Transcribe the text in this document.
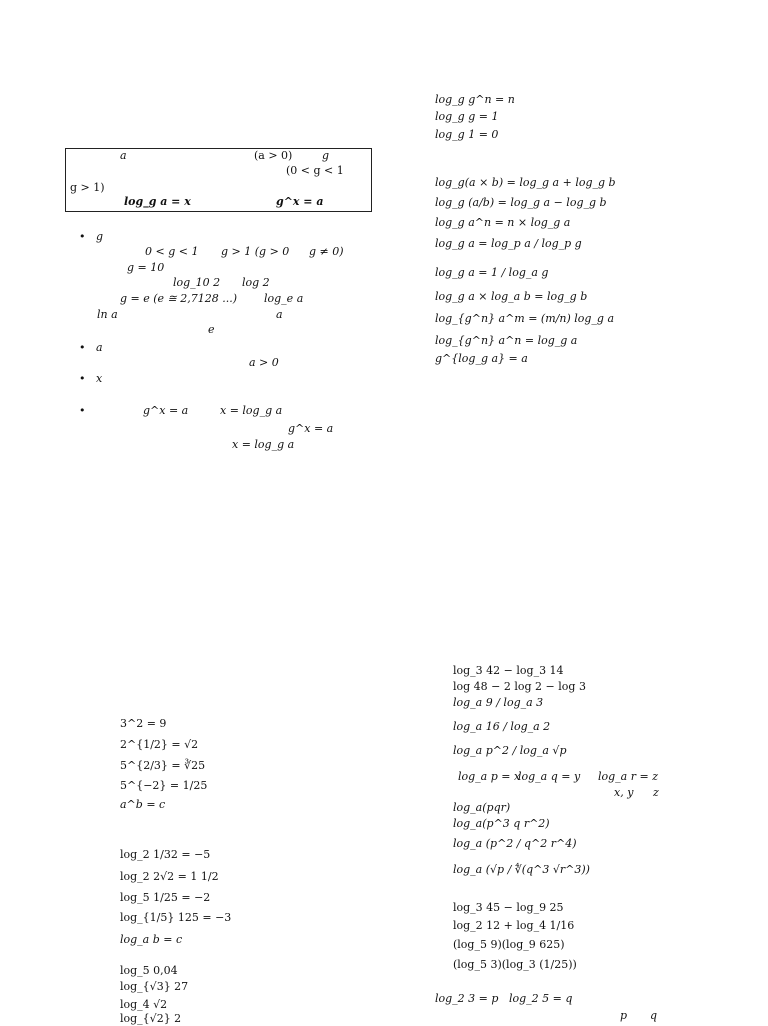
log_g g^n = n
log_g g = 1
log_g 1 = 0
log_g(a × b) = log_g a + log_g b
log_g (a/b) = log_g a − log_g b
log_g a^n = n × log_g a
log_g a = log_p a / log_p g
log_g a = 1 / log_a g
log_g a × log_a b = log_g b
log_{g^n} a^m = (m/n) log_g a
log_{g^n} a^n = log_g a
g^{log_g a} = a
a	(a > 0)	g
(0 < g < 1
g > 1)
log_g a = x	g^x = a
• g
0 < g < 1 g > 1 (g > 0 g ≠ 0)
g = 10
log_10 2 log 2
g = e (e ≅ 2,7128 ...) log_e a
ln a	a
e
• a
a > 0
• x
•	g^x = a	x = log_g a
g^x = a
x = log_g a
3^2 = 9
2^{1/2} = √2
5^{2/3} = ∛25
5^{−2} = 1/25
a^b = c
log_2 1/32 = −5
log_2 2√2 = 1 1/2
log_5 1/25 = −2
log_{1/5} 125 = −3
log_a b = c
log_5 0,04
log_{√3} 27
log_4 √2
log_{√2} 2
log_3 42 − log_3 14
log 48 − 2 log 2 − log 3
log_a 9 / log_a 3
log_a 16 / log_a 2
log_a p^2 / log_a √p
log_a p = x
log_a q = y log_a r = z
x, y z
log_a(pqr)
log_a(p^3 q r^2)
log_a (p^2 / q^2 r^4)
log_a (√p / ∜(q^3 √r^3))
log_3 45 − log_9 25
log_2 12 + log_4 1/16
(log_5 9)(log_9 625)
(log_5 3)(log_3 (1/25))
log_2 3 = p log_2 5 = q
p q
